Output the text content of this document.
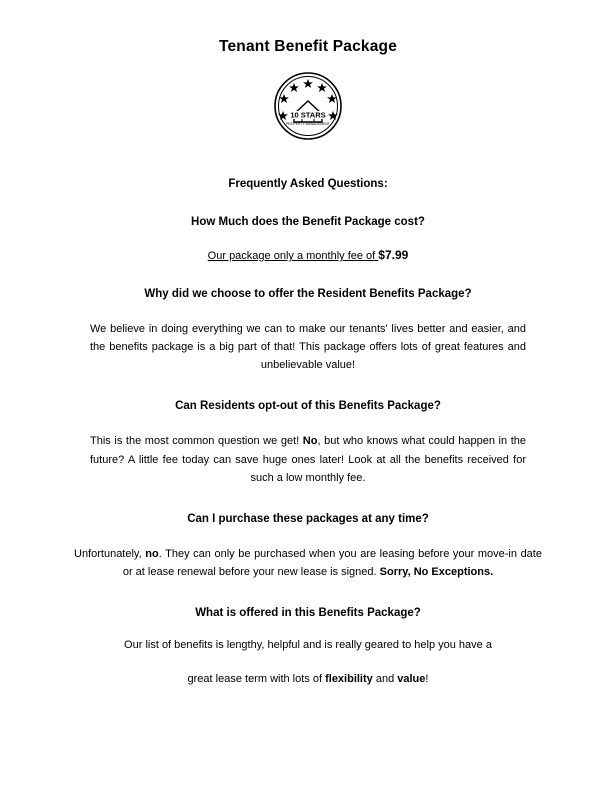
Tenant Benefit Package
10 STARS
PROPERTY MANAGEMENT
Frequently Asked Questions:
How Much does the Benefit Package cost?
Our package only a monthly fee of $7.99
Why did we choose to offer the Resident Benefits Package?
We believe in doing everything we can to make our tenants' lives better and easier, and the benefits package is a big part of that! This package offers lots of great features and unbelievable value!
Can Residents opt-out of this Benefits Package?
This is the most common question we get! No, but who knows what could happen in the future? A little fee today can save huge ones later! Look at all the benefits received for such a low monthly fee.
Can I purchase these packages at any time?
Unfortunately, no. They can only be purchased when you are leasing before your move-in date or at lease renewal before your new lease is signed. Sorry, No Exceptions.
What is offered in this Benefits Package?
Our list of benefits is lengthy, helpful and is really geared to help you have a
great lease term with lots of flexibility and value!
